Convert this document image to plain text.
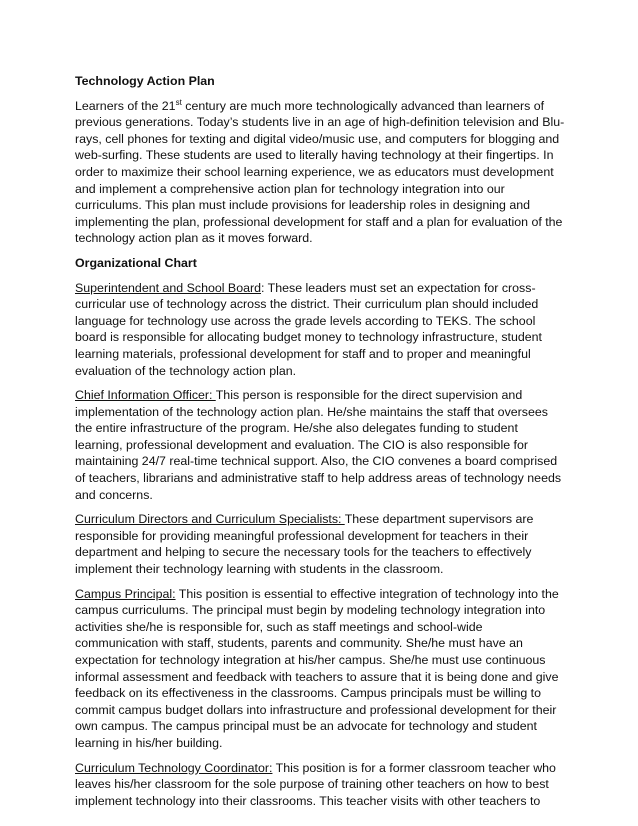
Technology Action Plan
Learners of the 21st century are much more technologically advanced than learners of previous generations. Today’s students live in an age of high-definition television and Blu-rays, cell phones for texting and digital video/music use, and computers for blogging and web-surfing. These students are used to literally having technology at their fingertips. In order to maximize their school learning experience, we as educators must development and implement a comprehensive action plan for technology integration into our curriculums. This plan must include provisions for leadership roles in designing and implementing the plan, professional development for staff and a plan for evaluation of the technology action plan as it moves forward.
Organizational Chart
Superintendent and School Board: These leaders must set an expectation for cross-curricular use of technology across the district. Their curriculum plan should included language for technology use across the grade levels according to TEKS. The school board is responsible for allocating budget money to technology infrastructure, student learning materials, professional development for staff and to proper and meaningful evaluation of the technology action plan.
Chief Information Officer: This person is responsible for the direct supervision and implementation of the technology action plan. He/she maintains the staff that oversees the entire infrastructure of the program. He/she also delegates funding to student learning, professional development and evaluation. The CIO is also responsible for maintaining 24/7 real-time technical support. Also, the CIO convenes a board comprised of teachers, librarians and administrative staff to help address areas of technology needs and concerns.
Curriculum Directors and Curriculum Specialists: These department supervisors are responsible for providing meaningful professional development for teachers in their department and helping to secure the necessary tools for the teachers to effectively implement their technology learning with students in the classroom.
Campus Principal: This position is essential to effective integration of technology into the campus curriculums. The principal must begin by modeling technology integration into activities she/he is responsible for, such as staff meetings and school-wide communication with staff, students, parents and community. She/he must have an expectation for technology integration at his/her campus. She/he must use continuous informal assessment and feedback with teachers to assure that it is being done and give feedback on its effectiveness in the classrooms. Campus principals must be willing to commit campus budget dollars into infrastructure and professional development for their own campus. The campus principal must be an advocate for technology and student learning in his/her building.
Curriculum Technology Coordinator: This position is for a former classroom teacher who leaves his/her classroom for the sole purpose of training other teachers on how to best implement technology into their classrooms. This teacher visits with other teachers to
